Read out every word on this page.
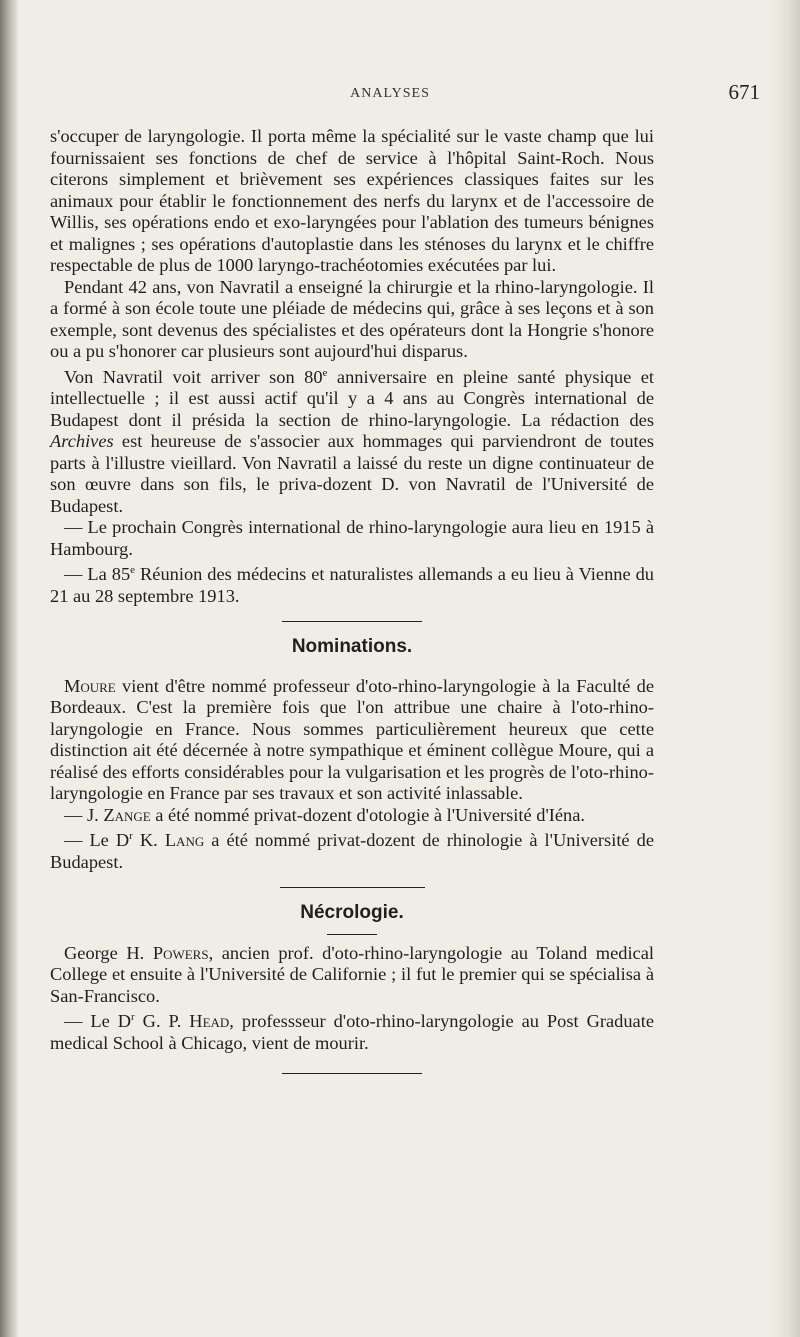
ANALYSES	671

s'occuper de laryngologie. Il porta même la spécialité sur le vaste champ que lui fournissaient ses fonctions de chef de service à l'hôpital Saint-Roch. Nous citerons simplement et brièvement ses expériences classiques faites sur les animaux pour établir le fonctionnement des nerfs du larynx et de l'accessoire de Willis, ses opérations endo et exo-laryngées pour l'ablation des tumeurs bénignes et malignes ; ses opérations d'autoplastie dans les sténoses du larynx et le chiffre respectable de plus de 1000 laryngo-trachéotomies exécutées par lui.

Pendant 42 ans, von Navratil a enseigné la chirurgie et la rhino-laryngologie. Il a formé à son école toute une pléiade de médecins qui, grâce à ses leçons et à son exemple, sont devenus des spécialistes et des opérateurs dont la Hongrie s'honore ou a pu s'honorer car plusieurs sont aujourd'hui disparus.

Von Navratil voit arriver son 80e anniversaire en pleine santé physique et intellectuelle ; il est aussi actif qu'il y a 4 ans au Congrès international de Budapest dont il présida la section de rhino-laryngologie. La rédaction des Archives est heureuse de s'associer aux hommages qui parviendront de toutes parts à l'illustre vieillard. Von Navratil a laissé du reste un digne continuateur de son œuvre dans son fils, le priva-dozent D. von Navratil de l'Université de Budapest.

— Le prochain Congrès international de rhino-laryngologie aura lieu en 1915 à Hambourg.

— La 85e Réunion des médecins et naturalistes allemands a eu lieu à Vienne du 21 au 28 septembre 1913.

Nominations.

Moure vient d'être nommé professeur d'oto-rhino-laryngologie à la Faculté de Bordeaux. C'est la première fois que l'on attribue une chaire à l'oto-rhino-laryngologie en France. Nous sommes particulièrement heureux que cette distinction ait été décernée à notre sympathique et éminent collègue Moure, qui a réalisé des efforts considérables pour la vulgarisation et les progrès de l'oto-rhino-laryngologie en France par ses travaux et son activité inlassable.

— J. Zange a été nommé privat-dozent d'otologie à l'Université d'Iéna.

— Le $D^r$ K. Lang a été nommé privat-dozent de rhinologie à l'Université de Budapest.

Nécrologie.

George H. Powers, ancien prof. d'oto-rhino-laryngologie au Toland medical College et ensuite à l'Université de Californie ; il fut le premier qui se spécialisa à San-Francisco.

— Le $D^r$ G. P. Head, professseur d'oto-rhino-laryngologie au Post Graduate medical School à Chicago, vient de mourir.
